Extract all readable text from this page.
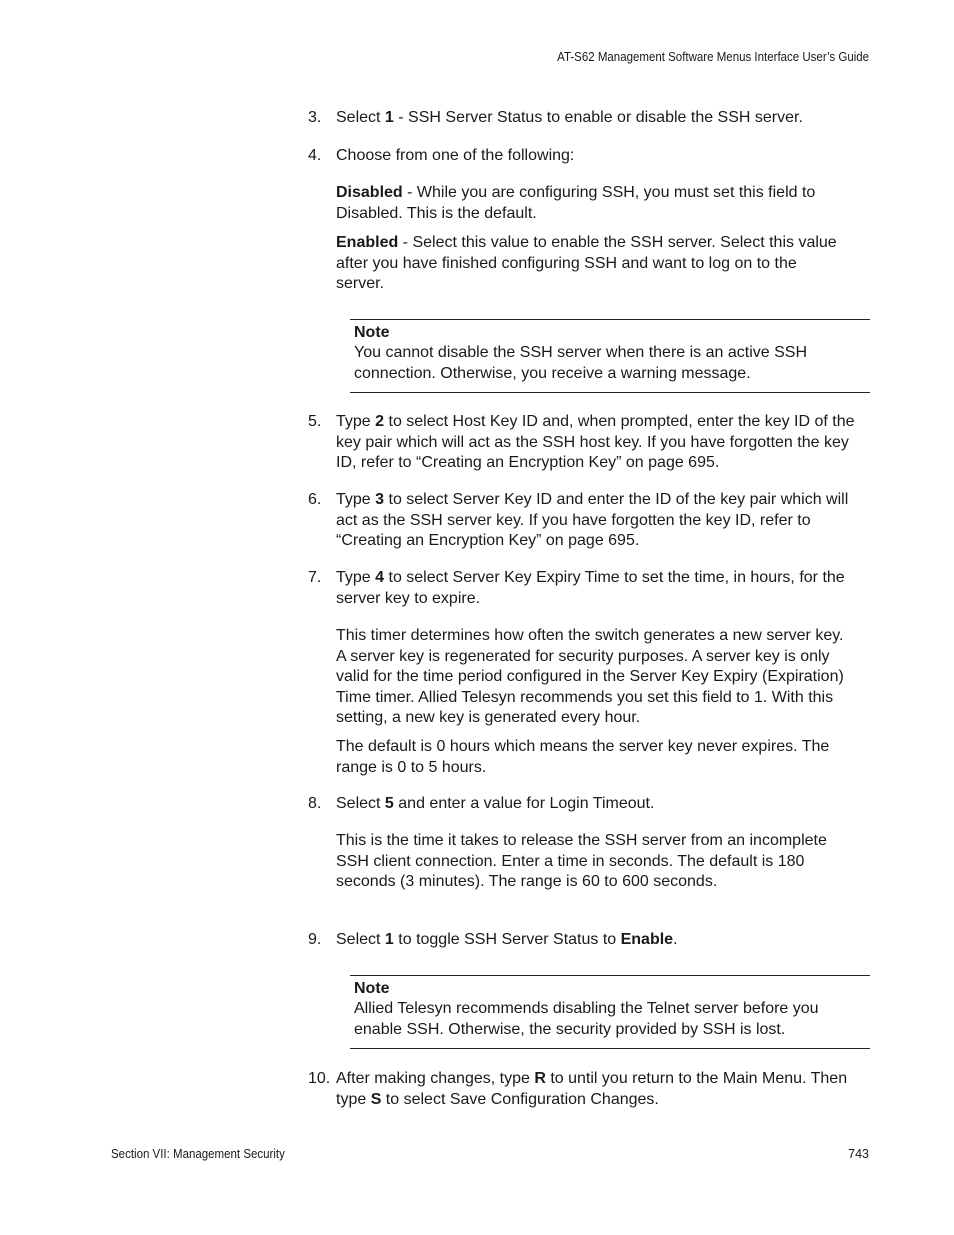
AT-S62 Management Software Menus Interface User’s Guide
3. Select 1 - SSH Server Status to enable or disable the SSH server.
4. Choose from one of the following:
Disabled - While you are configuring SSH, you must set this field to Disabled. This is the default.
Enabled - Select this value to enable the SSH server. Select this value after you have finished configuring SSH and want to log on to the server.
Note
You cannot disable the SSH server when there is an active SSH connection. Otherwise, you receive a warning message.
5. Type 2 to select Host Key ID and, when prompted, enter the key ID of the key pair which will act as the SSH host key. If you have forgotten the key ID, refer to “Creating an Encryption Key” on page 695.
6. Type 3 to select Server Key ID and enter the ID of the key pair which will act as the SSH server key. If you have forgotten the key ID, refer to “Creating an Encryption Key” on page 695.
7. Type 4 to select Server Key Expiry Time to set the time, in hours, for the server key to expire.
This timer determines how often the switch generates a new server key. A server key is regenerated for security purposes. A server key is only valid for the time period configured in the Server Key Expiry (Expiration) Time timer. Allied Telesyn recommends you set this field to 1. With this setting, a new key is generated every hour.
The default is 0 hours which means the server key never expires. The range is 0 to 5 hours.
8. Select 5 and enter a value for Login Timeout.
This is the time it takes to release the SSH server from an incomplete SSH client connection. Enter a time in seconds. The default is 180 seconds (3 minutes). The range is 60 to 600 seconds.
9. Select 1 to toggle SSH Server Status to Enable.
Note
Allied Telesyn recommends disabling the Telnet server before you enable SSH. Otherwise, the security provided by SSH is lost.
10. After making changes, type R to until you return to the Main Menu. Then type S to select Save Configuration Changes.
Section VII: Management Security	743
